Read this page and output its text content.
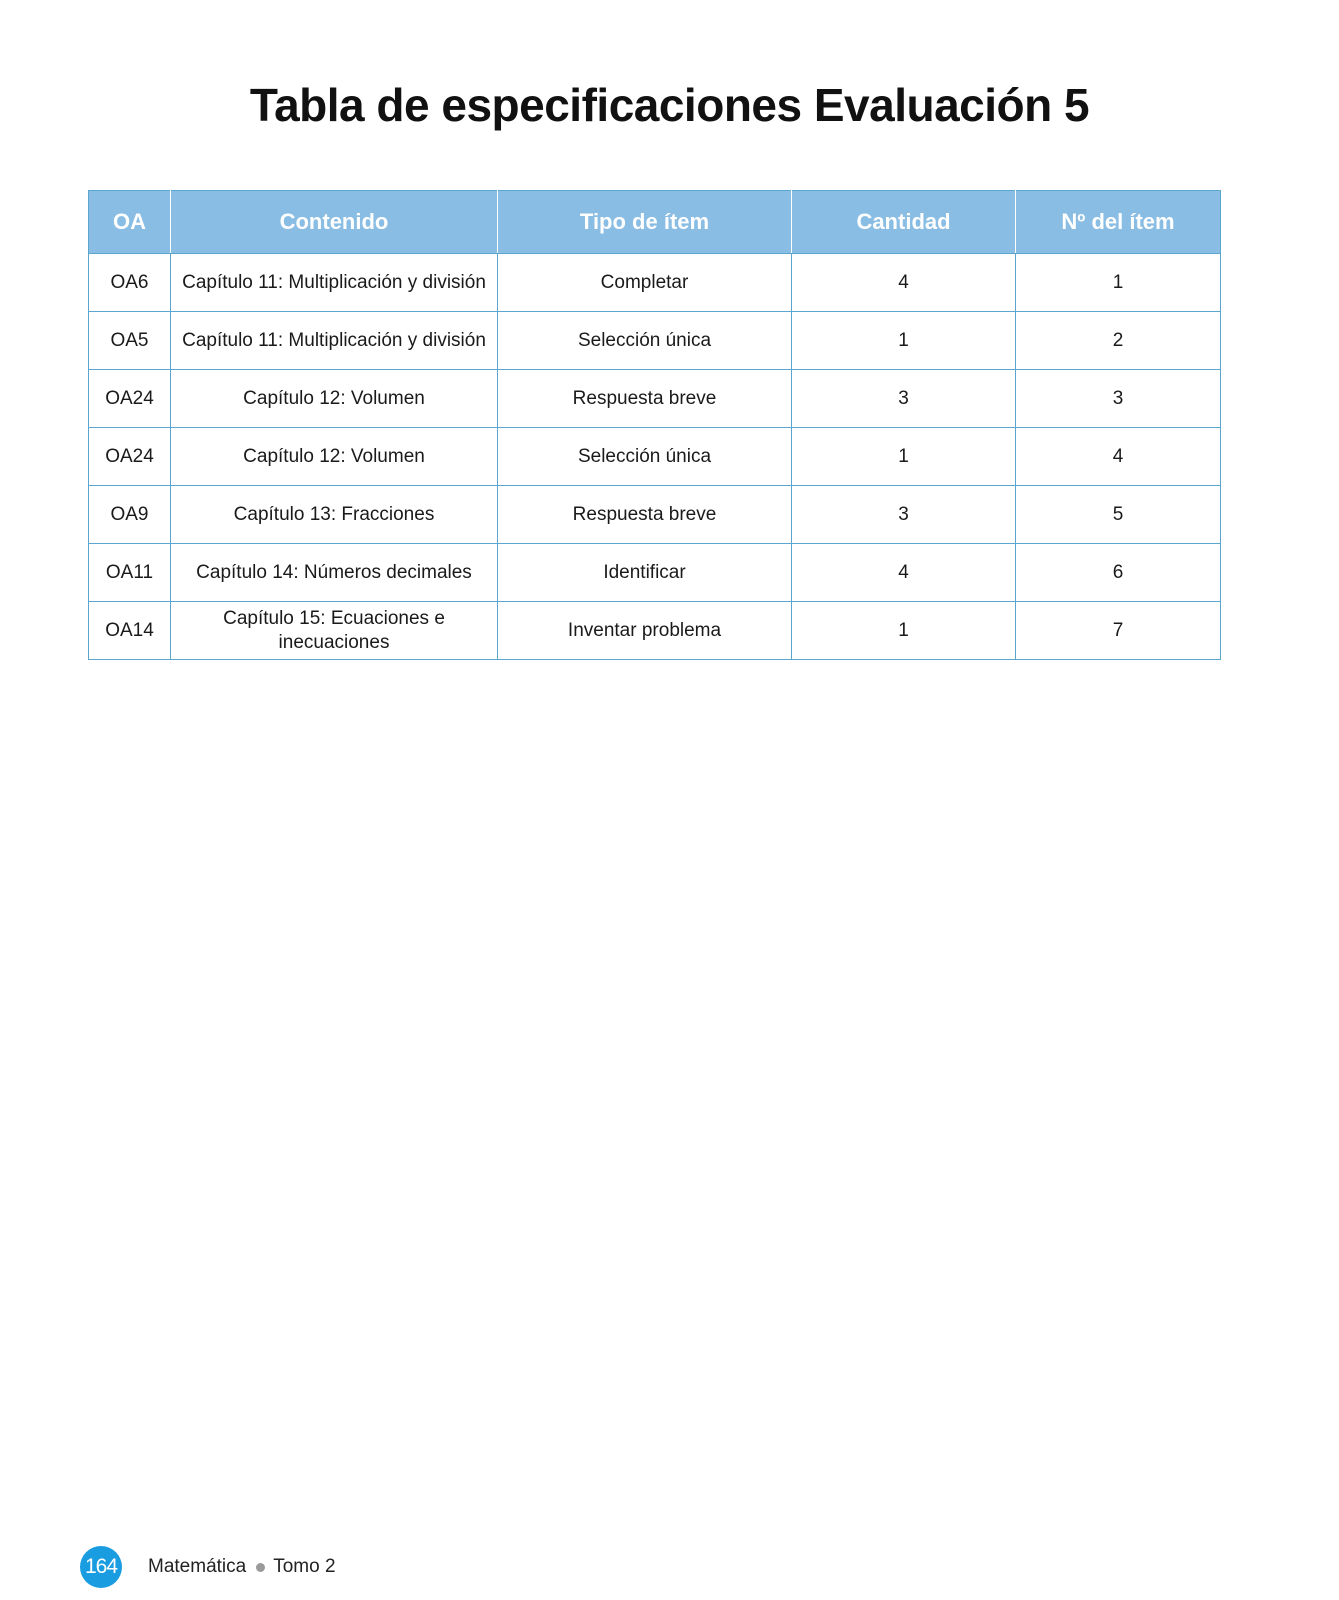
Tabla de especificaciones Evaluación 5
OA	Contenido	Tipo de ítem	Cantidad	Nº del ítem
OA6	Capítulo 11: Multiplicación y división	Completar	4	1
OA5	Capítulo 11: Multiplicación y división	Selección única	1	2
OA24	Capítulo 12: Volumen	Respuesta breve	3	3
OA24	Capítulo 12: Volumen	Selección única	1	4
OA9	Capítulo 13: Fracciones	Respuesta breve	3	5
OA11	Capítulo 14: Números decimales	Identificar	4	6
OA14	Capítulo 15: Ecuaciones e inecuaciones	Inventar problema	1	7
164 Matemática Tomo 2
